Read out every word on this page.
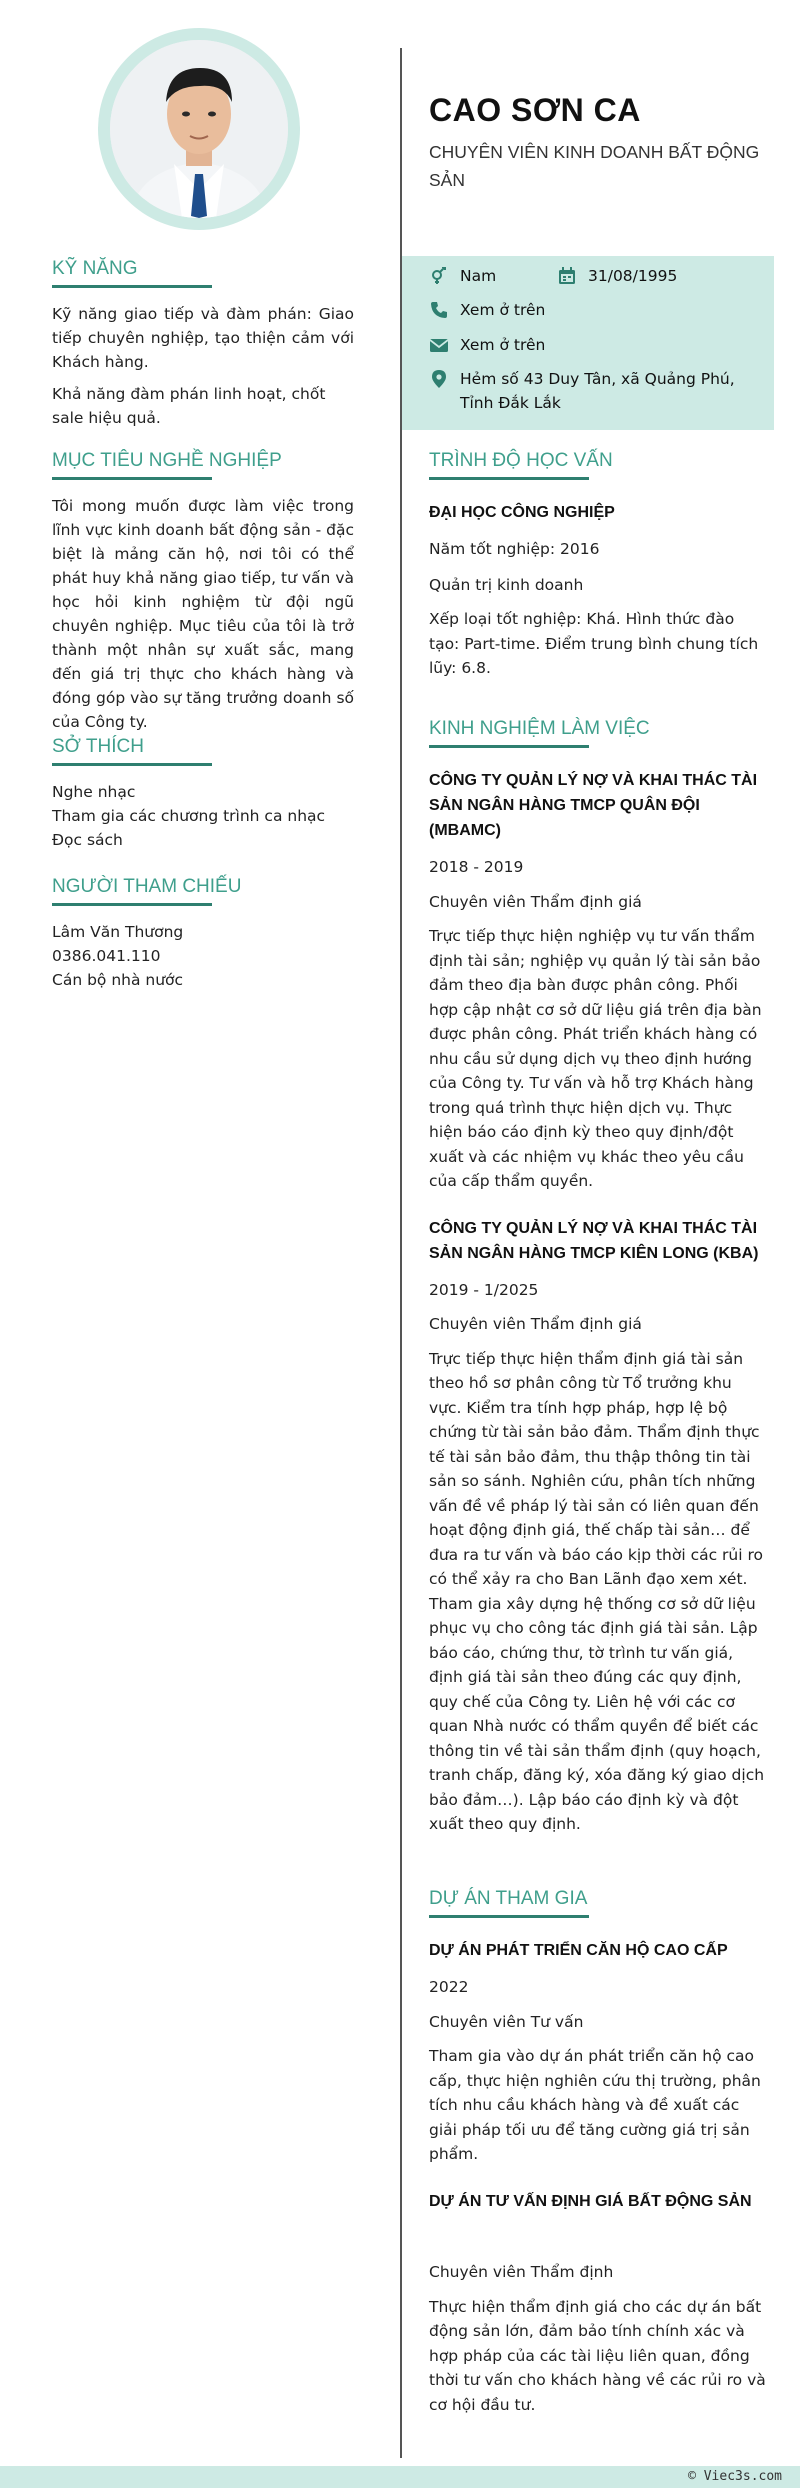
KỸ NĂNG

Kỹ năng giao tiếp và đàm phán: Giao tiếp chuyên nghiệp, tạo thiện cảm với Khách hàng.

Khả năng đàm phán linh hoạt, chốt sale hiệu quả.

MỤC TIÊU NGHỀ NGHIỆP

Tôi mong muốn được làm việc trong lĩnh vực kinh doanh bất động sản - đặc biệt là mảng căn hộ, nơi tôi có thể phát huy khả năng giao tiếp, tư vấn và học hỏi kinh nghiệm từ đội ngũ chuyên nghiệp. Mục tiêu của tôi là trở thành một nhân sự xuất sắc, mang đến giá trị thực cho khách hàng và đóng góp vào sự tăng trưởng doanh số của Công ty.

SỞ THÍCH

Nghe nhạc

Tham gia các chương trình ca nhạc

Đọc sách

NGƯỜI THAM CHIẾU

Lâm Văn Thương

0386.041.110

Cán bộ nhà nước

CAO SƠN CA
CHUYÊN VIÊN KINH DOANH BẤT ĐỘNG SẢN
Nam	31/08/1995
Xem ở trên
Xem ở trên
Hẻm số 43 Duy Tân, xã Quảng Phú, Tỉnh Đắk Lắk
TRÌNH ĐỘ HỌC VẤN

ĐẠI HỌC CÔNG NGHIỆP

Năm tốt nghiệp: 2016

Quản trị kinh doanh

Xếp loại tốt nghiệp: Khá. Hình thức đào tạo: Part-time. Điểm trung bình chung tích lũy: 6.8.

KINH NGHIỆM LÀM VIỆC

CÔNG TY QUẢN LÝ NỢ VÀ KHAI THÁC TÀI SẢN NGÂN HÀNG TMCP QUÂN ĐỘI (MBAMC)

2018 - 2019

Chuyên viên Thẩm định giá

Trực tiếp thực hiện nghiệp vụ tư vấn thẩm định tài sản; nghiệp vụ quản lý tài sản bảo đảm theo địa bàn được phân công. Phối hợp cập nhật cơ sở dữ liệu giá trên địa bàn được phân công. Phát triển khách hàng có nhu cầu sử dụng dịch vụ theo định hướng của Công ty. Tư vấn và hỗ trợ Khách hàng trong quá trình thực hiện dịch vụ. Thực hiện báo cáo định kỳ theo quy định/đột xuất và các nhiệm vụ khác theo yêu cầu của cấp thẩm quyền.

CÔNG TY QUẢN LÝ NỢ VÀ KHAI THÁC TÀI SẢN NGÂN HÀNG TMCP KIÊN LONG (KBA)

2019 - 1/2025

Chuyên viên Thẩm định giá

Trực tiếp thực hiện thẩm định giá tài sản theo hồ sơ phân công từ Tổ trưởng khu vực. Kiểm tra tính hợp pháp, hợp lệ bộ chứng từ tài sản bảo đảm. Thẩm định thực tế tài sản bảo đảm, thu thập thông tin tài sản so sánh. Nghiên cứu, phân tích những vấn đề về pháp lý tài sản có liên quan đến hoạt động định giá, thế chấp tài sản… để đưa ra tư vấn và báo cáo kịp thời các rủi ro có thể xảy ra cho Ban Lãnh đạo xem xét. Tham gia xây dựng hệ thống cơ sở dữ liệu phục vụ cho công tác định giá tài sản. Lập báo cáo, chứng thư, tờ trình tư vấn giá, định giá tài sản theo đúng các quy định, quy chế của Công ty. Liên hệ với các cơ quan Nhà nước có thẩm quyền để biết các thông tin về tài sản thẩm định (quy hoạch, tranh chấp, đăng ký, xóa đăng ký giao dịch bảo đảm…). Lập báo cáo định kỳ và đột xuất theo quy định.

DỰ ÁN THAM GIA

DỰ ÁN PHÁT TRIỂN CĂN HỘ CAO CẤP

2022

Chuyên viên Tư vấn

Tham gia vào dự án phát triển căn hộ cao cấp, thực hiện nghiên cứu thị trường, phân tích nhu cầu khách hàng và đề xuất các giải pháp tối ưu để tăng cường giá trị sản phẩm.

DỰ ÁN TƯ VẤN ĐỊNH GIÁ BẤT ĐỘNG SẢN

Chuyên viên Thẩm định

Thực hiện thẩm định giá cho các dự án bất động sản lớn, đảm bảo tính chính xác và hợp pháp của các tài liệu liên quan, đồng thời tư vấn cho khách hàng về các rủi ro và cơ hội đầu tư.

© Viec3s.com
